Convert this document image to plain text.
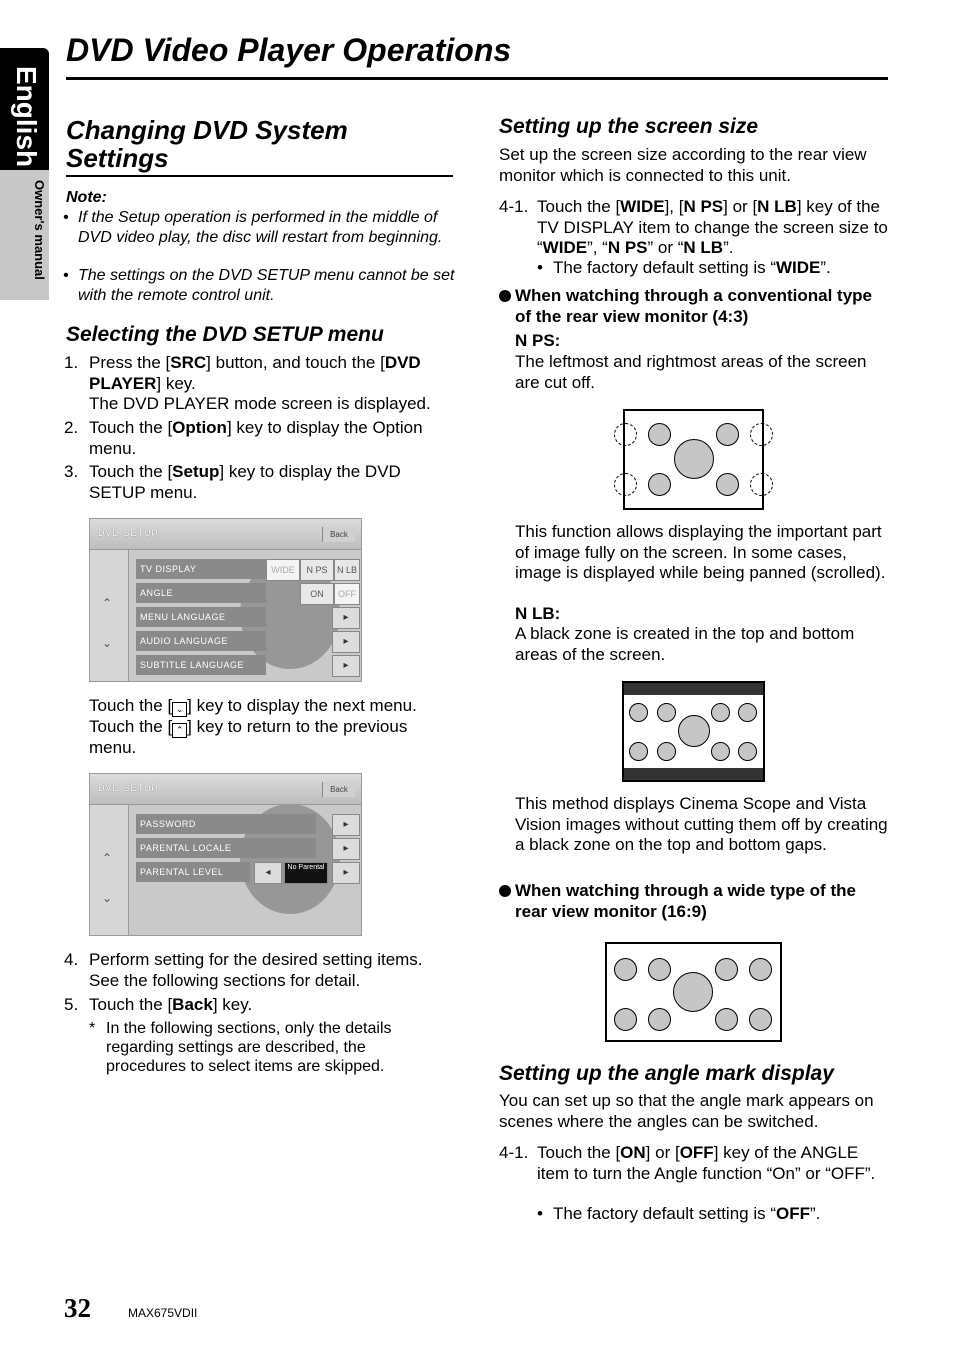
English
Owner's manual
DVD Video Player Operations
Changing DVD System Settings
Note:
• If the Setup operation is performed in the middle of DVD video play, the disc will restart from beginning.
• The settings on the DVD SETUP menu cannot be set with the remote control unit.
Selecting the DVD SETUP menu
1. Press the [SRC] button, and touch the [DVD PLAYER] key.
The DVD PLAYER mode screen is displayed.
2. Touch the [Option] key to display the Option menu.
3. Touch the [Setup] key to display the DVD SETUP menu.
DVD SETUP	Back
⌃
⌄
TV DISPLAY	WIDE	N PS	N LB
ANGLE	ON	OFF
MENU LANGUAGE	▸
AUDIO LANGUAGE	▸
SUBTITLE LANGUAGE	▸
Touch the [ ⌄ ] key to display the next menu.
Touch the [ ⌃ ] key to return to the previous menu.
DVD SETUP	Back
⌃
⌄
PASSWORD	▸
PARENTAL LOCALE	▸
PARENTAL LEVEL	◂	No Parental	▸
4. Perform setting for the desired setting items. See the following sections for detail.
5. Touch the [Back] key.
* In the following sections, only the details regarding settings are described, the procedures to select items are skipped.
Setting up the screen size
Set up the screen size according to the rear view monitor which is connected to this unit.
4-1. Touch the [WIDE], [N PS] or [N LB] key of the TV DISPLAY item to change the screen size to “WIDE”, “N PS” or “N LB”.
• The factory default setting is “WIDE”.
When watching through a conventional type of the rear view monitor (4:3)
N PS:
The leftmost and rightmost areas of the screen are cut off.
This function allows displaying the important part of image fully on the screen. In some cases, image is displayed while being panned (scrolled).
N LB:
A black zone is created in the top and bottom areas of the screen.
This method displays Cinema Scope and Vista Vision images without cutting them off by creating a black zone on the top and bottom gaps.
When watching through a wide type of the rear view monitor (16:9)
Setting up the angle mark display
You can set up so that the angle mark appears on scenes where the angles can be switched.
4-1. Touch the [ON] or [OFF] key of the ANGLE item to turn the Angle function “On” or “OFF”.
• The factory default setting is “OFF”.
32	MAX675VDII
